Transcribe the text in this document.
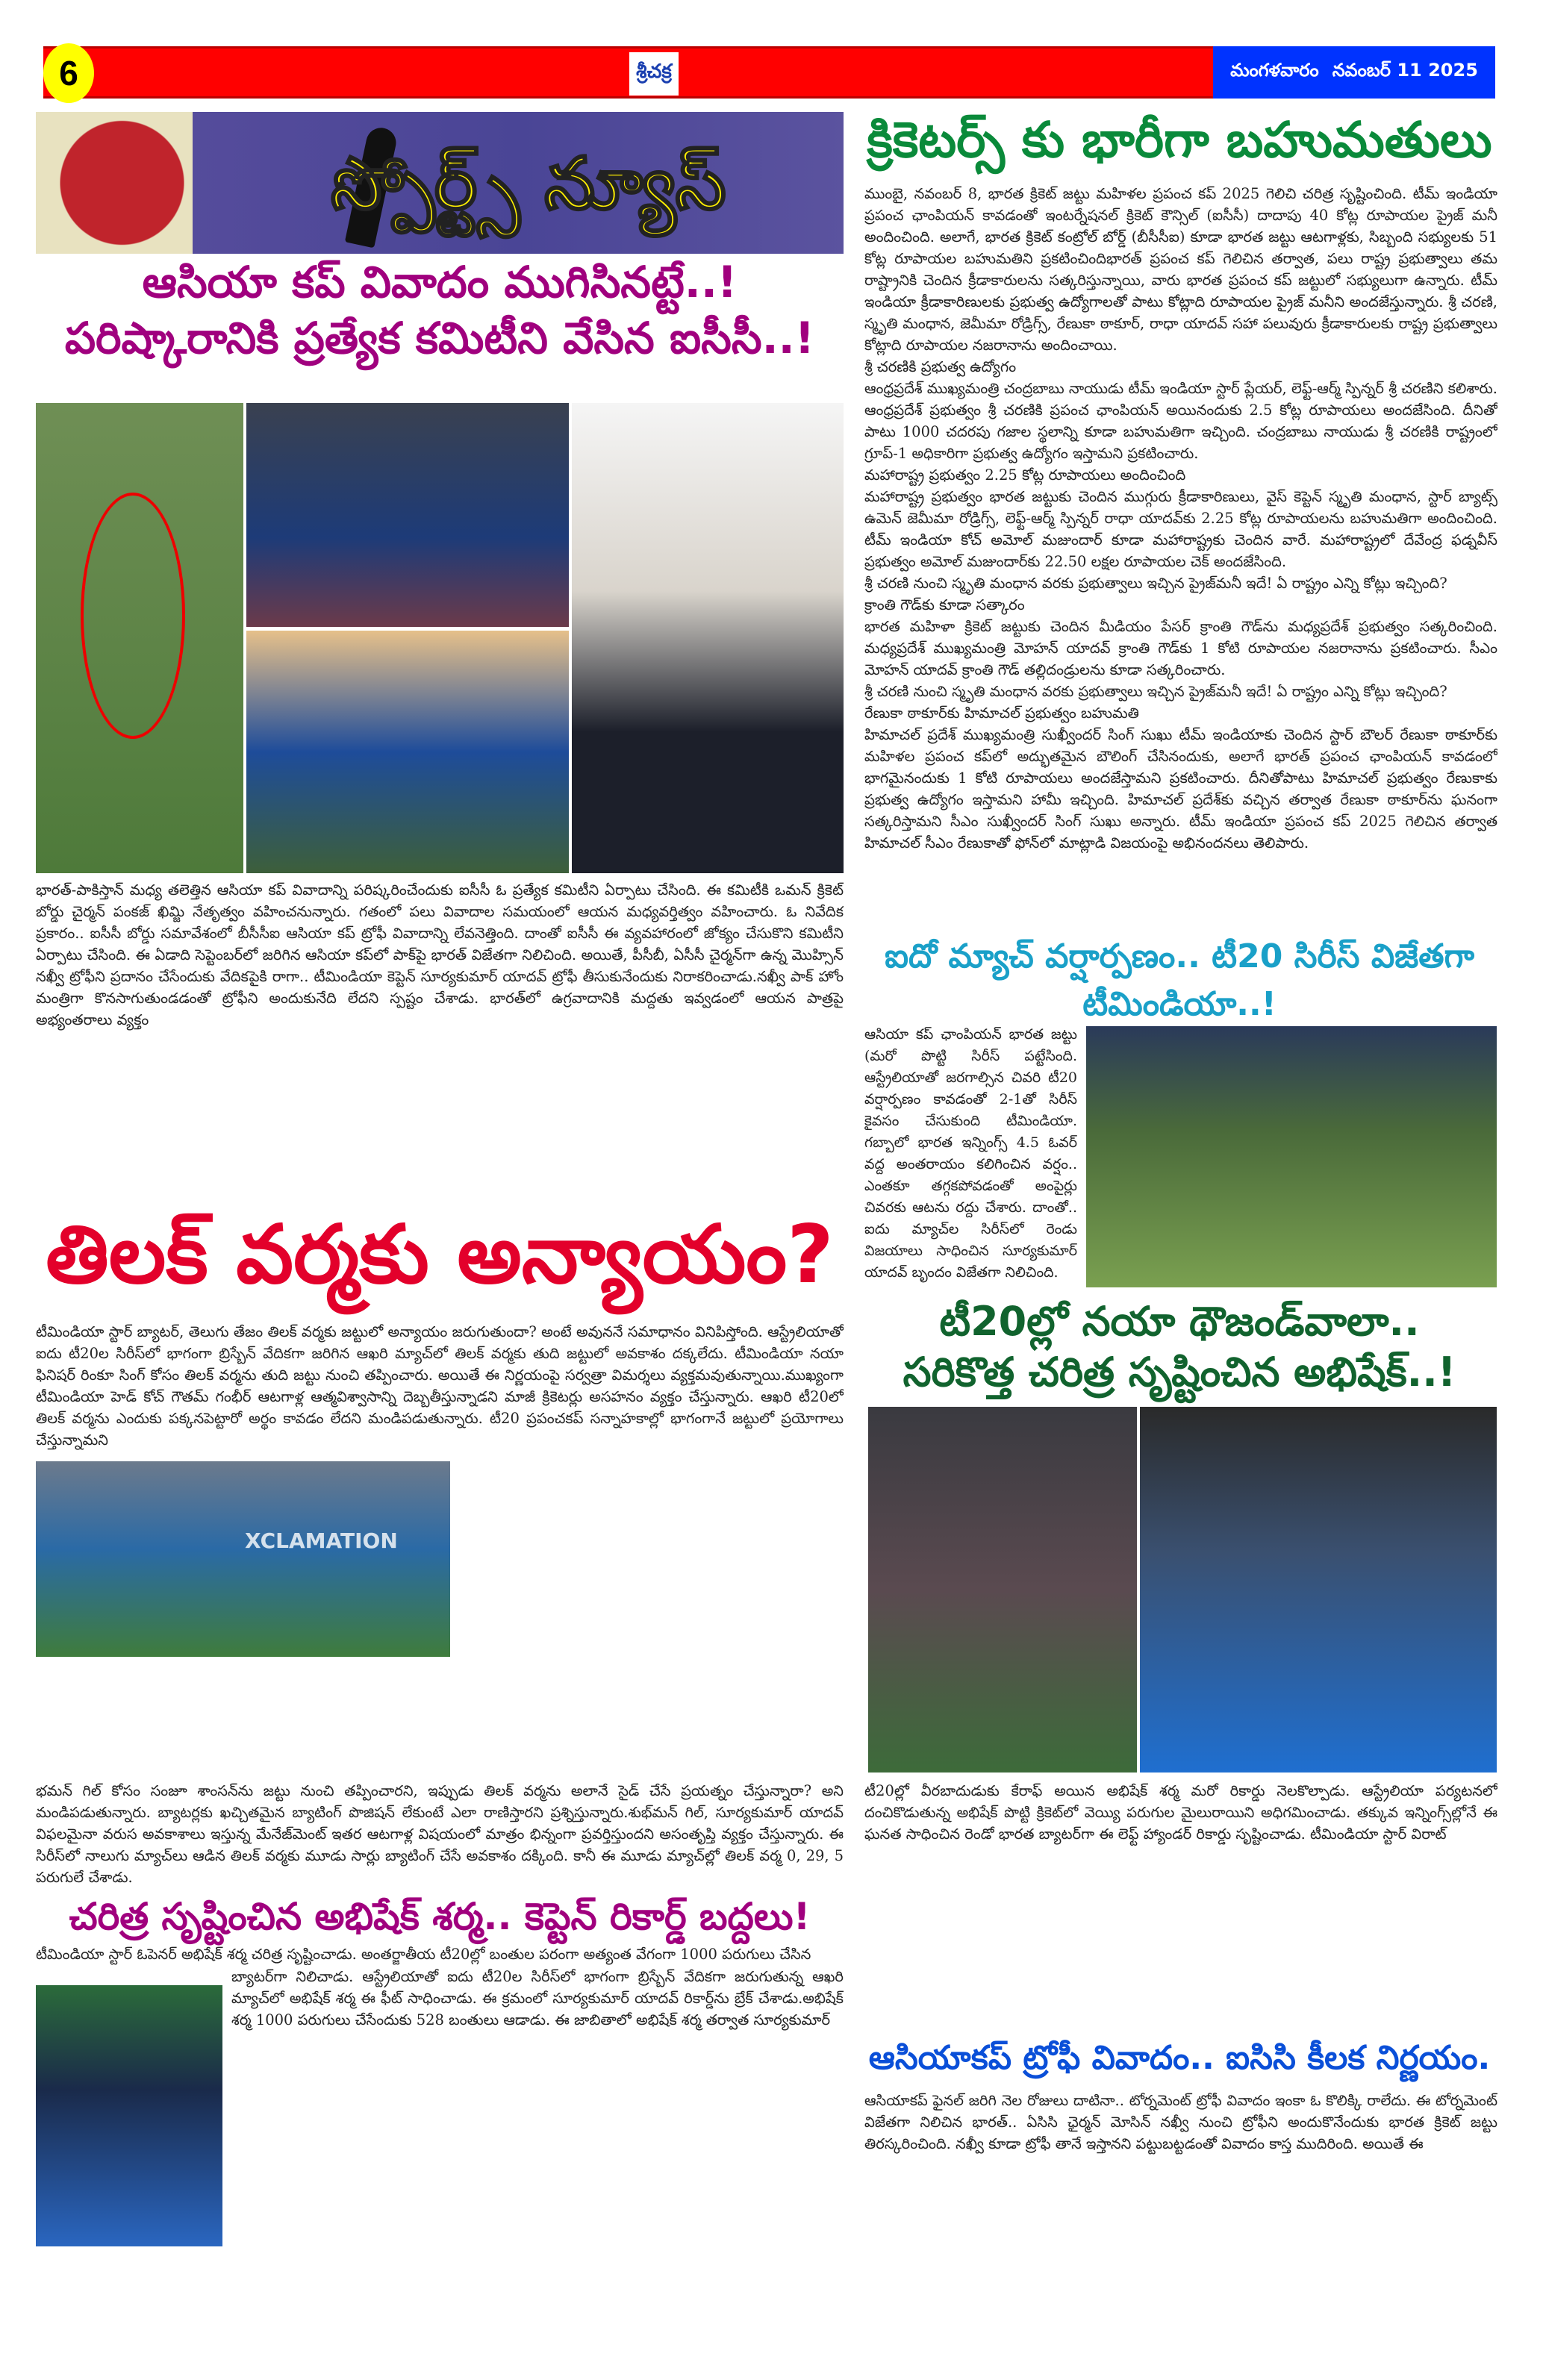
6	శ్రీచక్ర	మంగళవారం నవంబర్ 11 2025
స్పోర్ట్స్ న్యూస్
ఆసియా కప్ వివాదం ముగిసినట్టే..!
పరిష్కారానికి ప్రత్యేక కమిటీని వేసిన ఐసీసీ..!
భారత్-పాకిస్తాన్ మధ్య తలెత్తిన ఆసియా కప్ వివాదాన్ని పరిష్కరించేందుకు ఐసీసీ ఓ ప్రత్యేక కమిటీని ఏర్పాటు చేసింది. ఈ కమిటీకి ఒమన్ క్రికెట్ బోర్డు చైర్మన్ పంకజ్ ఖిమ్జి నేతృత్వం వహించనున్నారు. గతంలో పలు వివాదాల సమయంలో ఆయన మధ్యవర్తిత్వం వహించారు. ఓ నివేదిక ప్రకారం.. ఐసీసీ బోర్డు సమావేశంలో బీసీసీఐ ఆసియా కప్ ట్రోఫీ వివాదాన్ని లేవనెత్తింది. దాంతో ఐసీసీ ఈ వ్యవహారంలో జోక్యం చేసుకొని కమిటీని ఏర్పాటు చేసింది. ఈ ఏడాది సెప్టెంబర్‌లో జరిగిన ఆసియా కప్‌లో పాక్‌పై భారత్ విజేతగా నిలిచింది. అయితే, పీసీబీ, ఏసీసీ చైర్మన్‌గా ఉన్న మొహ్సిన్ నఖ్వీ ట్రోఫీని ప్రదానం చేసేందుకు వేదికపైకి రాగా.. టీమిండియా కెప్టెన్ సూర్యకుమార్ యాదవ్ ట్రోఫీ తీసుకునేందుకు నిరాకరించాడు.నఖ్వీ పాక్ హోం మంత్రిగా కొనసాగుతుండడంతో ట్రోఫీని అందుకునేది లేదని స్పష్టం చేశాడు. భారత్‌లో ఉగ్రవాదానికి మద్దతు ఇవ్వడంలో ఆయన పాత్రపై అభ్యంతరాలు వ్యక్తం
తిలక్ వర్మకు అన్యాయం?
టీమిండియా స్టార్ బ్యాటర్, తెలుగు తేజం తిలక్ వర్మకు జట్టులో అన్యాయం జరుగుతుందా? అంటే అవుననే సమాధానం వినిపిస్తోంది. ఆస్ట్రేలియాతో ఐదు టీ20ల సిరీస్‌లో భాగంగా బ్రిస్బేన్ వేదికగా జరిగిన ఆఖరి మ్యాచ్‌లో తిలక్ వర్మకు తుది జట్టులో అవకాశం దక్కలేదు. టీమిండియా నయా ఫినిషర్ రింకూ సింగ్ కోసం తిలక్ వర్మను తుది జట్టు నుంచి తప్పించారు. అయితే ఈ నిర్ణయంపై సర్వత్రా విమర్శలు వ్యక్తమవుతున్నాయి.ముఖ్యంగా టీమిండియా హెడ్ కోచ్ గౌతమ్ గంభీర్ ఆటగాళ్ల ఆత్మవిశ్వాసాన్ని దెబ్బతీస్తున్నాడని మాజీ క్రికెటర్లు అసహనం వ్యక్తం చేస్తున్నారు. ఆఖరి టీ20లో తిలక్ వర్మను ఎందుకు పక్కనపెట్టారో అర్థం కావడం లేదని మండిపడుతున్నారు. టీ20 ప్రపంచకప్ సన్నాహకాల్లో భాగంగానే జట్టులో ప్రయోగాలు చేస్తున్నామని
XCLAMATION
భమన్ గిల్ కోసం సంజూ శాంసన్‌ను జట్టు నుంచి తప్పించారని, ఇప్పుడు తిలక్ వర్మను అలానే సైడ్ చేసే ప్రయత్నం చేస్తున్నారా? అని మండిపడుతున్నారు. బ్యాటర్లకు ఖచ్చితమైన బ్యాటింగ్ పొజిషన్ లేకుంటే ఎలా రాణిస్తారని ప్రశ్నిస్తున్నారు.శుభ్‌మన్ గిల్, సూర్యకుమార్ యాదవ్ విఫలమైనా వరుస అవకాశాలు ఇస్తున్న మేనేజ్‌మెంట్ ఇతర ఆటగాళ్ల విషయంలో మాత్రం భిన్నంగా ప్రవర్తిస్తుందని అసంతృప్తి వ్యక్తం చేస్తున్నారు. ఈ సిరీస్‌లో నాలుగు మ్యాచ్‌లు ఆడిన తిలక్ వర్మకు మూడు సార్లు బ్యాటింగ్ చేసే అవకాశం దక్కింది. కానీ ఈ మూడు మ్యాచ్‌ల్లో తిలక్ వర్మ 0, 29, 5 పరుగులే చేశాడు.
చరిత్ర సృష్టించిన అభిషేక్ శర్మ.. కెప్టెన్ రికార్డ్ బద్దలు!
టీమిండియా స్టార్ ఓపెనర్ అభిషేక్ శర్మ చరిత్ర సృష్టించాడు. అంతర్జాతీయ టీ20ల్లో బంతుల పరంగా అత్యంత వేగంగా 1000 పరుగులు చేసిన
బ్యాటర్‌గా నిలిచాడు. ఆస్ట్రేలియాతో ఐదు టీ20ల సిరీస్‌లో భాగంగా బ్రిస్బేన్ వేదికగా జరుగుతున్న ఆఖరి మ్యాచ్‌లో అభిషేక్ శర్మ ఈ ఫీట్ సాధించాడు. ఈ క్రమంలో సూర్యకుమార్ యాదవ్ రికార్డ్‌ను బ్రేక్ చేశాడు.అభిషేక్ శర్మ 1000 పరుగులు చేసేందుకు 528 బంతులు ఆడాడు. ఈ జాబితాలో అభిషేక్ శర్మ తర్వాత సూర్యకుమార్
క్రికెటర్స్ కు భారీగా బహుమతులు

ముంబై, నవంబర్ 8, భారత క్రికెట్ జట్టు మహిళల ప్రపంచ కప్ 2025 గెలిచి చరిత్ర సృష్టించింది. టీమ్ ఇండియా ప్రపంచ ఛాంపియన్ కావడంతో ఇంటర్నేషనల్ క్రికెట్ కౌన్సిల్ (ఐసీసీ) దాదాపు 40 కోట్ల రూపాయల ప్రైజ్ మనీ అందించింది. అలాగే, భారత క్రికెట్ కంట్రోల్ బోర్డ్ (బీసీసీఐ) కూడా భారత జట్టు ఆటగాళ్లకు, సిబ్బంది సభ్యులకు 51 కోట్ల రూపాయల బహుమతిని ప్రకటించిందిభారత్ ప్రపంచ కప్ గెలిచిన తర్వాత, పలు రాష్ట్ర ప్రభుత్వాలు తమ రాష్ట్రానికి చెందిన క్రీడాకారులను సత్కరిస్తున్నాయి, వారు భారత ప్రపంచ కప్ జట్టులో సభ్యులుగా ఉన్నారు. టీమ్ ఇండియా క్రీడాకారిణులకు ప్రభుత్వ ఉద్యోగాలతో పాటు కోట్లాది రూపాయల ప్రైజ్ మనీని అందజేస్తున్నారు. శ్రీ చరణి, స్మృతి మంధాన, జెమీమా రోడ్రిగ్స్, రేణుకా ఠాకూర్, రాధా యాదవ్ సహా పలువురు క్రీడాకారులకు రాష్ట్ర ప్రభుత్వాలు కోట్లాది రూపాయల నజరానాను అందించాయి.

శ్రీ చరణికి ప్రభుత్వ ఉద్యోగం

ఆంధ్రప్రదేశ్ ముఖ్యమంత్రి చంద్రబాబు నాయుడు టీమ్ ఇండియా స్టార్ ప్లేయర్, లెఫ్ట్-ఆర్మ్ స్పిన్నర్ శ్రీ చరణిని కలిశారు. ఆంధ్రప్రదేశ్ ప్రభుత్వం శ్రీ చరణికి ప్రపంచ ఛాంపియన్ అయినందుకు 2.5 కోట్ల రూపాయలు అందజేసింది. దీనితో పాటు 1000 చదరపు గజాల స్థలాన్ని కూడా బహుమతిగా ఇచ్చింది. చంద్రబాబు నాయుడు శ్రీ చరణికి రాష్ట్రంలో గ్రూప్-1 అధికారిగా ప్రభుత్వ ఉద్యోగం ఇస్తామని ప్రకటించారు.

మహారాష్ట్ర ప్రభుత్వం 2.25 కోట్ల రూపాయలు అందించింది

మహారాష్ట్ర ప్రభుత్వం భారత జట్టుకు చెందిన ముగ్గురు క్రీడాకారిణులు, వైస్ కెప్టెన్ స్మృతి మంధాన, స్టార్ బ్యాట్స్ ఉమెన్ జెమీమా రోడ్రిగ్స్, లెఫ్ట్-ఆర్మ్ స్పిన్నర్ రాధా యాదవ్‌కు 2.25 కోట్ల రూపాయలను బహుమతిగా అందించింది. టీమ్ ఇండియా కోచ్ అమోల్ మజుందార్ కూడా మహారాష్ట్రకు చెందిన వారే. మహారాష్ట్రలో దేవేంద్ర ఫడ్నవీస్ ప్రభుత్వం అమోల్ మజుందార్‌కు 22.50 లక్షల రూపాయల చెక్ అందజేసింది.

శ్రీ చరణి నుంచి స్మృతి మంధాన వరకు ప్రభుత్వాలు ఇచ్చిన ప్రైజ్‌మనీ ఇదే! ఏ రాష్ట్రం ఎన్ని కోట్లు ఇచ్చింది?

క్రాంతి గౌడ్‌కు కూడా సత్కారం

భారత మహిళా క్రికెట్ జట్టుకు చెందిన మీడియం పేసర్ క్రాంతి గౌడ్‌ను మధ్యప్రదేశ్ ప్రభుత్వం సత్కరించింది. మధ్యప్రదేశ్ ముఖ్యమంత్రి మోహన్ యాదవ్ క్రాంతి గౌడ్‌కు 1 కోటి రూపాయల నజరానాను ప్రకటించారు. సీఎం మోహన్ యాదవ్ క్రాంతి గౌడ్ తల్లిదండ్రులను కూడా సత్కరించారు.

శ్రీ చరణి నుంచి స్మృతి మంధాన వరకు ప్రభుత్వాలు ఇచ్చిన ప్రైజ్‌మనీ ఇదే! ఏ రాష్ట్రం ఎన్ని కోట్లు ఇచ్చింది?

రేణుకా ఠాకూర్‌కు హిమాచల్ ప్రభుత్వం బహుమతి

హిమాచల్ ప్రదేశ్ ముఖ్యమంత్రి సుఖ్వీందర్ సింగ్ సుఖు టీమ్ ఇండియాకు చెందిన స్టార్ బౌలర్ రేణుకా ఠాకూర్‌కు మహిళల ప్రపంచ కప్‌లో అద్భుతమైన బౌలింగ్ చేసినందుకు, అలాగే భారత్ ప్రపంచ ఛాంపియన్ కావడంలో భాగమైనందుకు 1 కోటి రూపాయలు అందజేస్తామని ప్రకటించారు. దీనితోపాటు హిమాచల్ ప్రభుత్వం రేణుకాకు ప్రభుత్వ ఉద్యోగం ఇస్తామని హామీ ఇచ్చింది. హిమాచల్ ప్రదేశ్‌కు వచ్చిన తర్వాత రేణుకా ఠాకూర్‌ను ఘనంగా సత్కరిస్తామని సీఎం సుఖ్వీందర్ సింగ్ సుఖు అన్నారు. టీమ్ ఇండియా ప్రపంచ కప్ 2025 గెలిచిన తర్వాత హిమాచల్ సీఎం రేణుకాతో ఫోన్‌లో మాట్లాడి విజయంపై అభినందనలు తెలిపారు.

ఐదో మ్యాచ్ వర్షార్పణం.. టీ20 సిరీస్ విజేతగా టీమిండియా..!
ఆసియా కప్ ఛాంపియన్ భారత జట్టు (మరో పొట్టి సిరీస్ పట్టేసింది. ఆస్ట్రేలియాతో జరగాల్సిన చివరి టీ20 వర్షార్పణం కావడంతో 2-1తో సిరీస్ కైవసం చేసుకుంది టీమిండియా. గబ్బాలో భారత ఇన్నింగ్స్ 4.5 ఓవర్ వద్ద అంతరాయం కలిగించిన వర్షం.. ఎంతకూ తగ్గకపోవడంతో అంపైర్లు చివరకు ఆటను రద్దు చేశారు. దాంతో.. ఐదు మ్యాచ్‌ల సిరీస్‌లో రెండు విజయాలు సాధించిన సూర్యకుమార్ యాదవ్ బృందం విజేతగా నిలిచింది.
టీ20ల్లో నయా థౌజండ్‌వాలా..
సరికొత్త చరిత్ర సృష్టించిన అభిషేక్..!
టీ20ల్లో వీరబాదుడుకు కేరాఫ్ అయిన అభిషేక్ శర్మ మరో రికార్డు నెలకొల్పాడు. ఆస్ట్రేలియా పర్యటనలో దంచికొడుతున్న అభిషేక్ పొట్టి క్రికెట్‌లో వెయ్యి పరుగుల మైలురాయిని అధిగమించాడు. తక్కువ ఇన్నింగ్స్‌ల్లోనే ఈ ఘనత సాధించిన రెండో భారత బ్యాటర్‌గా ఈ లెఫ్ట్ హ్యాండర్ రికార్డు సృష్టించాడు. టీమిండియా స్టార్ విరాట్
ఆసియాకప్ ట్రోఫీ వివాదం.. ఐసిసి కీలక నిర్ణయం.
ఆసియాకప్ ఫైనల్ జరిగి నెల రోజులు దాటినా.. టోర్నమెంట్ ట్రోఫీ వివాదం ఇంకా ఓ కొలిక్కి రాలేదు. ఈ టోర్నమెంట్ విజేతగా నిలిచిన భారత్.. ఏసిసి ఛైర్మన్ మోసిన్ నఖ్వీ నుంచి ట్రోఫీని అందుకొనేందుకు భారత క్రికెట్ జట్టు తిరస్కరించింది. నఖ్వీ కూడా ట్రోఫీ తానే ఇస్తానని పట్టుబట్టడంతో వివాదం కాస్త ముదిరింది. అయితే ఈ
